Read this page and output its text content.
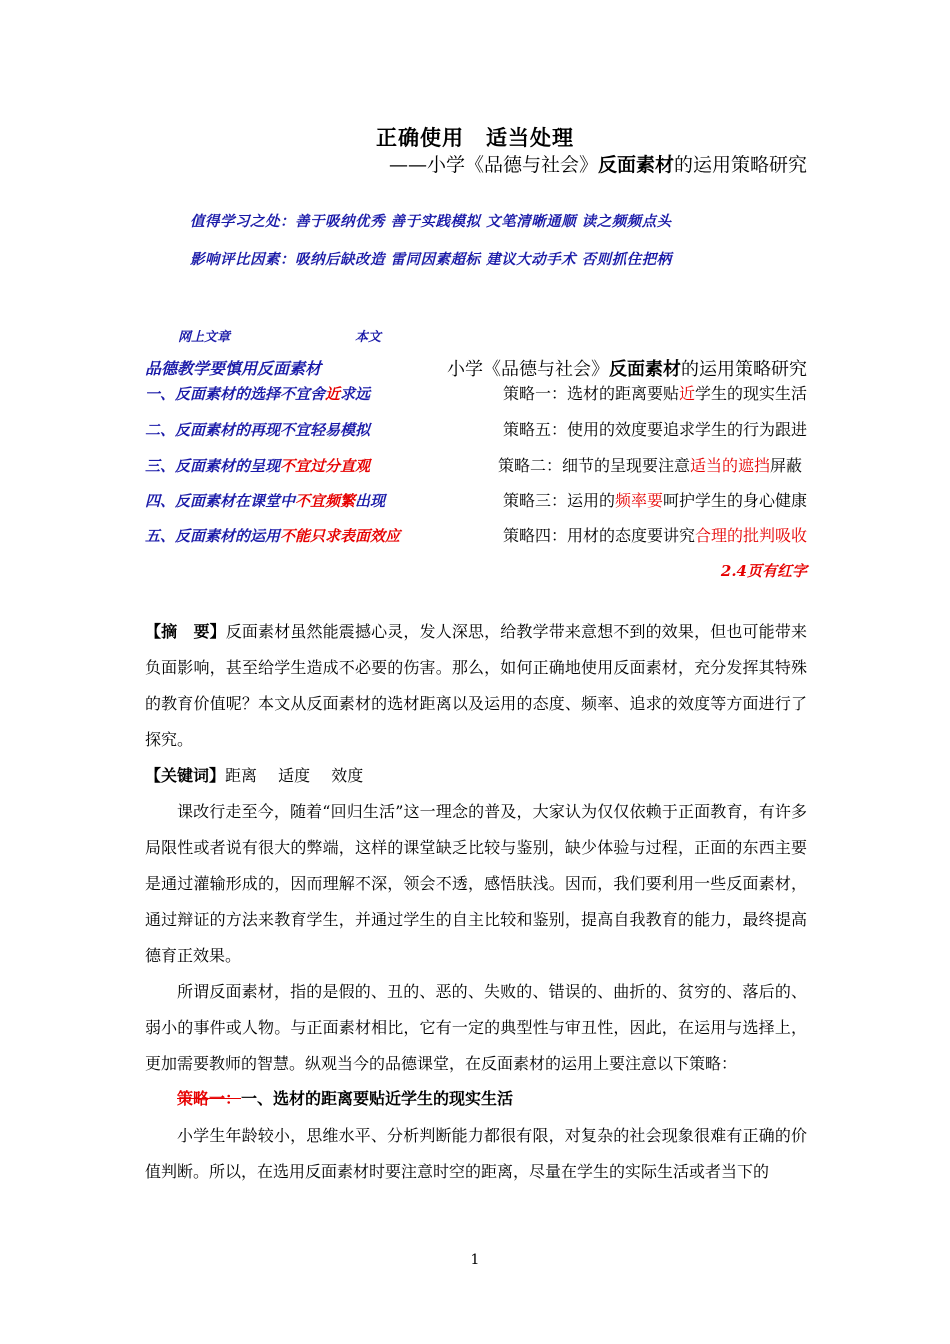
正确使用　适当处理
——小学《品德与社会》反面素材的运用策略研究
值得学习之处：善于吸纳优秀 善于实践模拟 文笔清晰通顺 读之频频点头
影响评比因素：吸纳后缺改造 雷同因素超标 建议大动手术 否则抓住把柄
网上文章	本文
品德教学要慎用反面素材	小学《品德与社会》反面素材的运用策略研究
一、反面素材的选择不宜舍近求远	策略一：选材的距离要贴近学生的现实生活
二、反面素材的再现不宜轻易模拟	策略五：使用的效度要追求学生的行为跟进
三、反面素材的呈现不宜过分直观	策略二：细节的呈现要注意适当的遮挡屏蔽
四、反面素材在课堂中不宜频繁出现	策略三：运用的频率要呵护学生的身心健康
五、反面素材的运用不能只求表面效应	策略四：用材的态度要讲究合理的批判吸收
2.4页有红字
【摘　要】反面素材虽然能震撼心灵，发人深思，给教学带来意想不到的效果，但也可能带来负面影响，甚至给学生造成不必要的伤害。那么，如何正确地使用反面素材，充分发挥其特殊的教育价值呢？本文从反面素材的选材距离以及运用的态度、频率、追求的效度等方面进行了探究。
【关键词】距离　 适度　 效度
课改行走至今，随着“回归生活”这一理念的普及，大家认为仅仅依赖于正面教育，有许多局限性或者说有很大的弊端，这样的课堂缺乏比较与鉴别，缺少体验与过程，正面的东西主要是通过灌输形成的，因而理解不深，领会不透，感悟肤浅。因而，我们要利用一些反面素材，通过辩证的方法来教育学生，并通过学生的自主比较和鉴别，提高自我教育的能力，最终提高德育正效果。
所谓反面素材，指的是假的、丑的、恶的、失败的、错误的、曲折的、贫穷的、落后的、弱小的事件或人物。与正面素材相比，它有一定的典型性与审丑性，因此，在运用与选择上，更加需要教师的智慧。纵观当今的品德课堂，在反面素材的运用上要注意以下策略：
策略一：一、选材的距离要贴近学生的现实生活
小学生年龄较小，思维水平、分析判断能力都很有限，对复杂的社会现象很难有正确的价值判断。所以，在选用反面素材时要注意时空的距离，尽量在学生的实际生活或者当下的
1
